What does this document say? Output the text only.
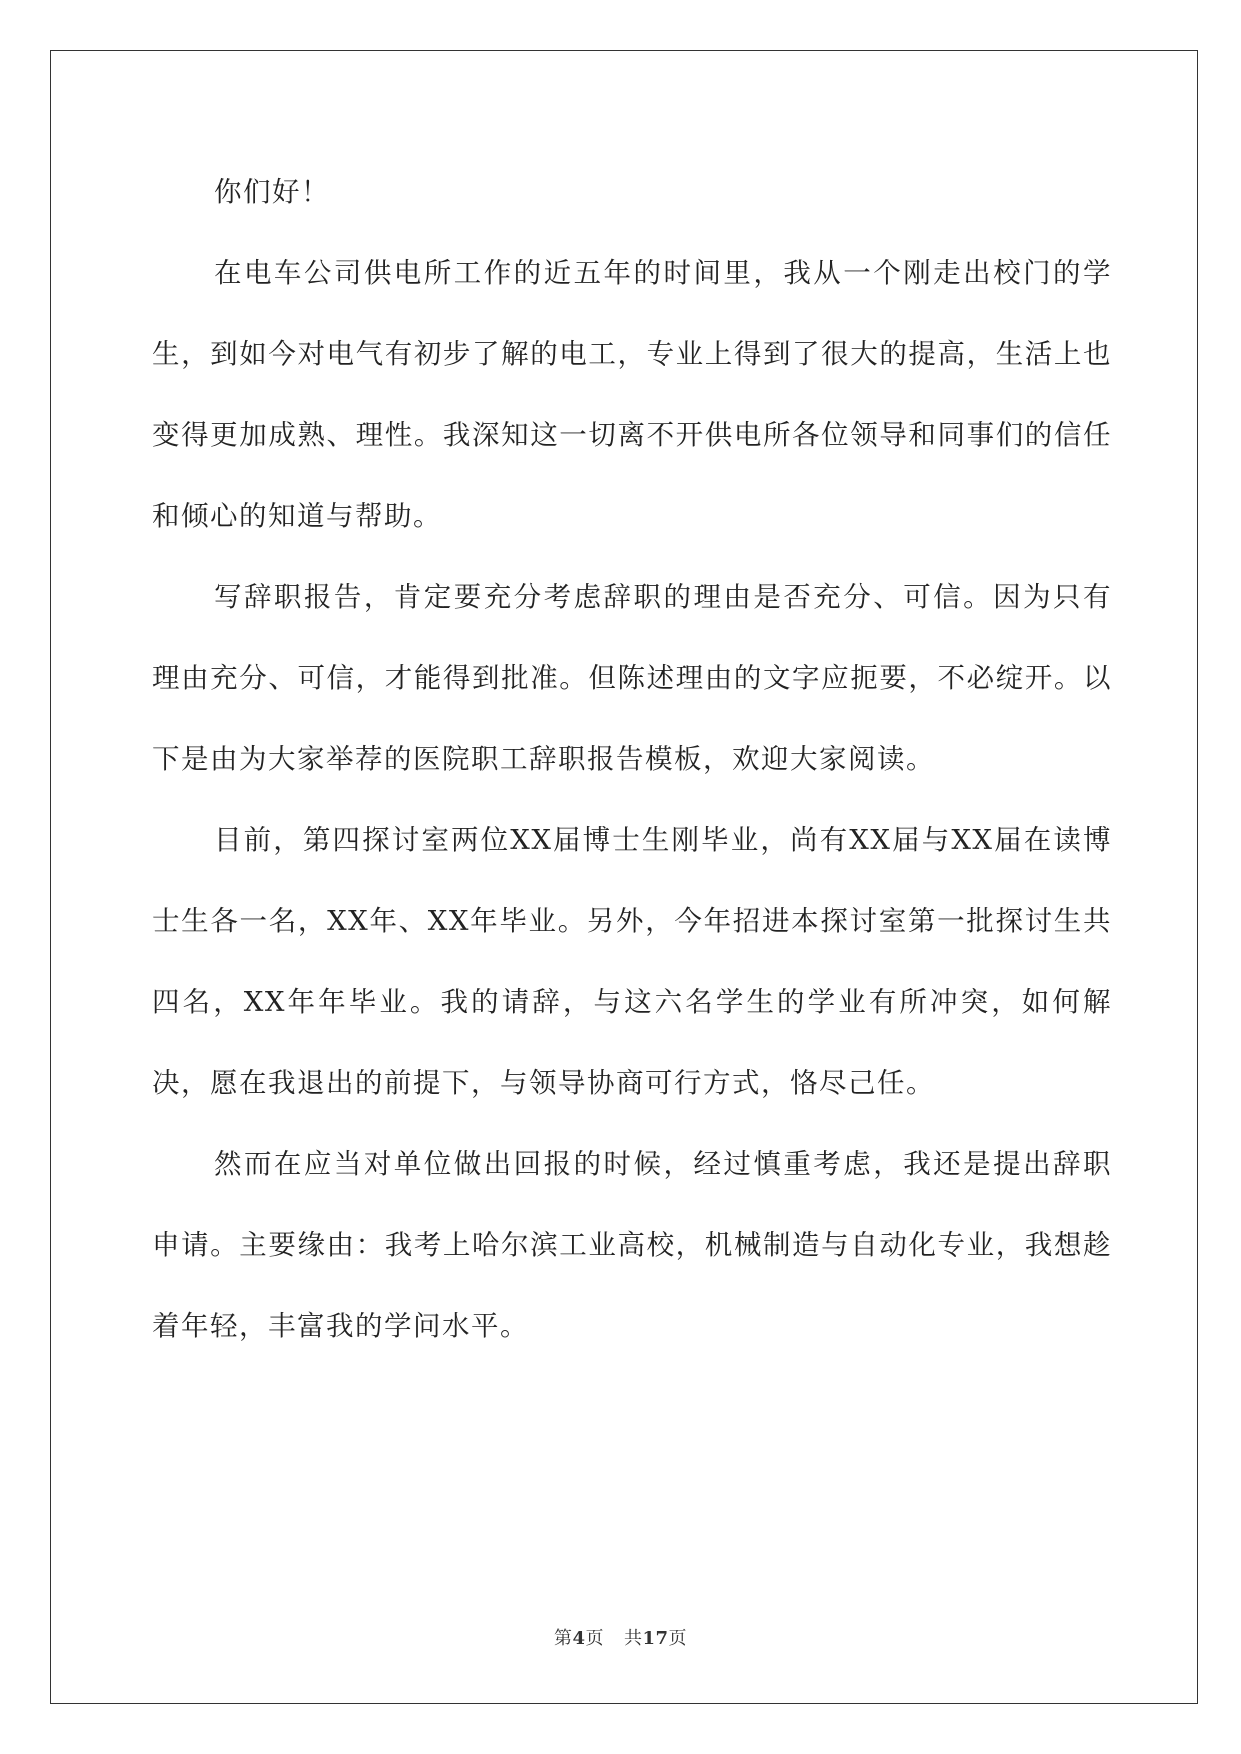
你们好！

在电车公司供电所工作的近五年的时间里，我从一个刚走出校门的学生，到如今对电气有初步了解的电工，专业上得到了很大的提高，生活上也变得更加成熟、理性。我深知这一切离不开供电所各位领导和同事们的信任和倾心的知道与帮助。

写辞职报告，肯定要充分考虑辞职的理由是否充分、可信。因为只有理由充分、可信，才能得到批准。但陈述理由的文字应扼要，不必绽开。以下是由为大家举荐的医院职工辞职报告模板，欢迎大家阅读。

目前，第四探讨室两位XX届博士生刚毕业，尚有XX届与XX届在读博士生各一名，XX年、XX年毕业。另外，今年招进本探讨室第一批探讨生共四名，XX年年毕业。我的请辞，与这六名学生的学业有所冲突，如何解决，愿在我退出的前提下，与领导协商可行方式，恪尽己任。

然而在应当对单位做出回报的时候，经过慎重考虑，我还是提出辞职申请。主要缘由：我考上哈尔滨工业高校，机械制造与自动化专业，我想趁着年轻，丰富我的学问水平。

第4页 共17页
